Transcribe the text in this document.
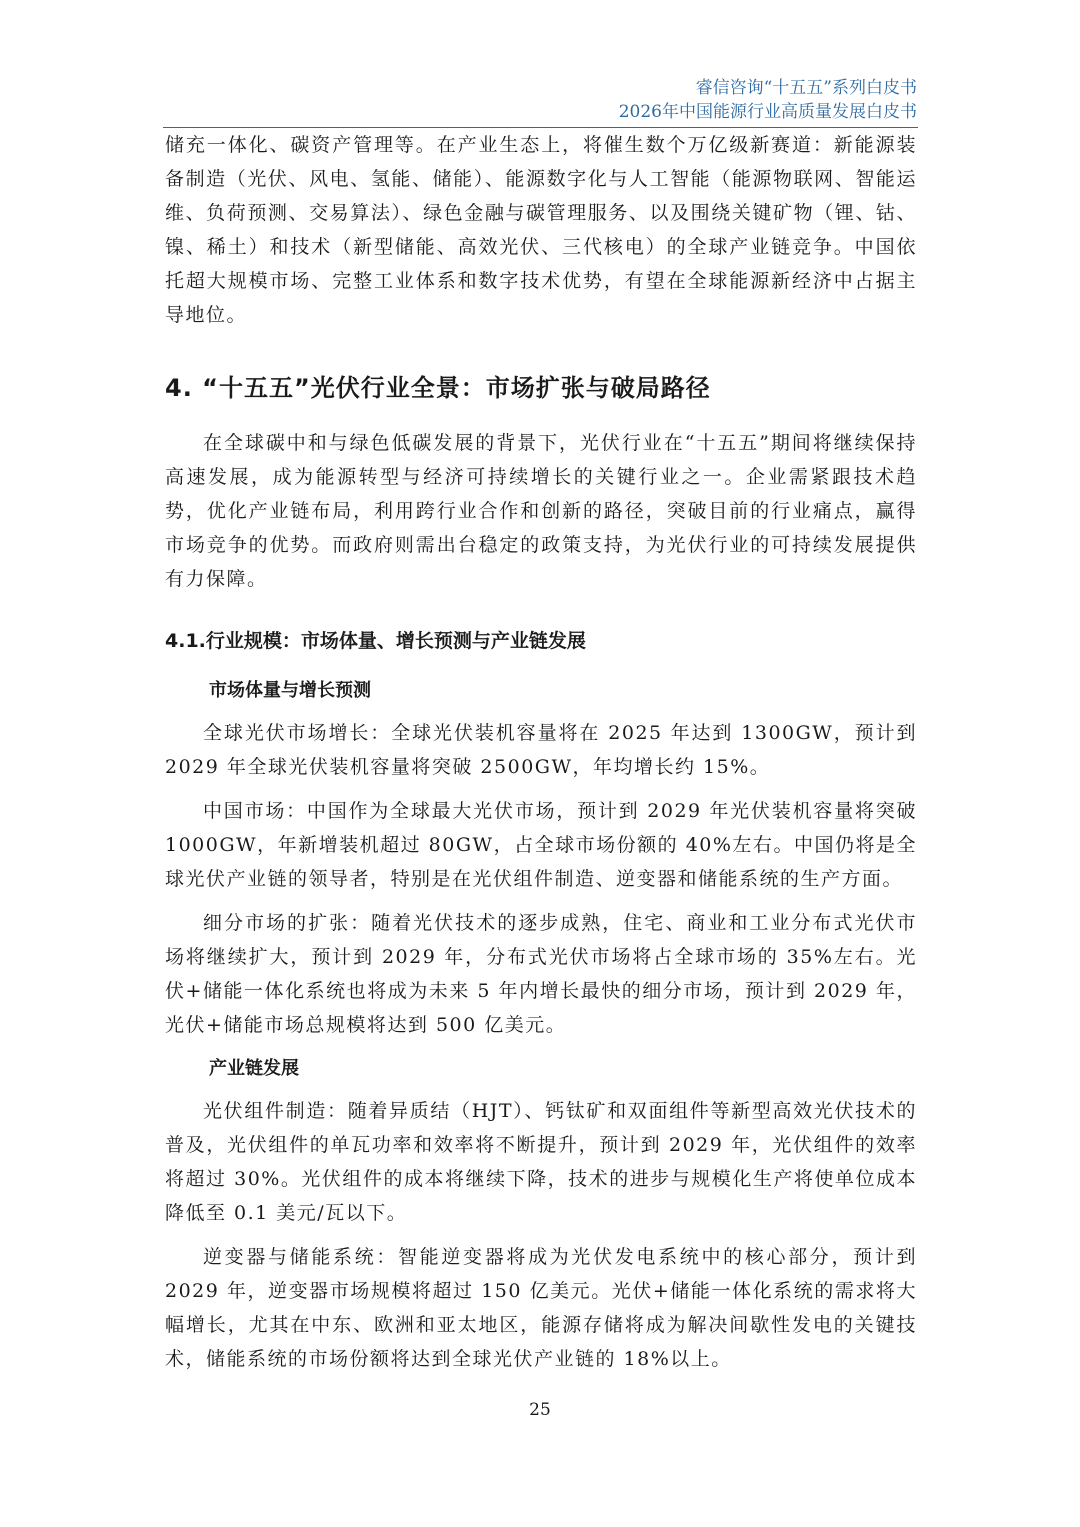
睿信咨询“十五五”系列白皮书
2026年中国能源行业高质量发展白皮书

储充一体化、碳资产管理等。在产业生态上，将催生数个万亿级新赛道：新能源装备制造（光伏、风电、氢能、储能）、能源数字化与人工智能（能源物联网、智能运维、负荷预测、交易算法）、绿色金融与碳管理服务、以及围绕关键矿物（锂、钴、镍、稀土）和技术（新型储能、高效光伏、三代核电）的全球产业链竞争。中国依托超大规模市场、完整工业体系和数字技术优势，有望在全球能源新经济中占据主导地位。

4. “十五五”光伏行业全景：市场扩张与破局路径

在全球碳中和与绿色低碳发展的背景下，光伏行业在“十五五”期间将继续保持高速发展，成为能源转型与经济可持续增长的关键行业之一。企业需紧跟技术趋势，优化产业链布局，利用跨行业合作和创新的路径，突破目前的行业痛点，赢得市场竞争的优势。而政府则需出台稳定的政策支持，为光伏行业的可持续发展提供有力保障。

4.1.行业规模：市场体量、增长预测与产业链发展
市场体量与增长预测

全球光伏市场增长：全球光伏装机容量将在 2025 年达到 1300GW，预计到 2029 年全球光伏装机容量将突破 2500GW，年均增长约 15%。

中国市场：中国作为全球最大光伏市场，预计到 2029 年光伏装机容量将突破 1000GW，年新增装机超过 80GW，占全球市场份额的 40%左右。中国仍将是全球光伏产业链的领导者，特别是在光伏组件制造、逆变器和储能系统的生产方面。

细分市场的扩张：随着光伏技术的逐步成熟，住宅、商业和工业分布式光伏市场将继续扩大，预计到 2029 年，分布式光伏市场将占全球市场的 35%左右。光伏+储能一体化系统也将成为未来 5 年内增长最快的细分市场，预计到 2029 年，光伏+储能市场总规模将达到 500 亿美元。

产业链发展

光伏组件制造：随着异质结（HJT）、钙钛矿和双面组件等新型高效光伏技术的普及，光伏组件的单瓦功率和效率将不断提升，预计到 2029 年，光伏组件的效率将超过 30%。光伏组件的成本将继续下降，技术的进步与规模化生产将使单位成本降低至 0.1 美元/瓦以下。

逆变器与储能系统：智能逆变器将成为光伏发电系统中的核心部分，预计到 2029 年，逆变器市场规模将超过 150 亿美元。光伏+储能一体化系统的需求将大幅增长，尤其在中东、欧洲和亚太地区，能源存储将成为解决间歇性发电的关键技术，储能系统的市场份额将达到全球光伏产业链的 18%以上。

25
